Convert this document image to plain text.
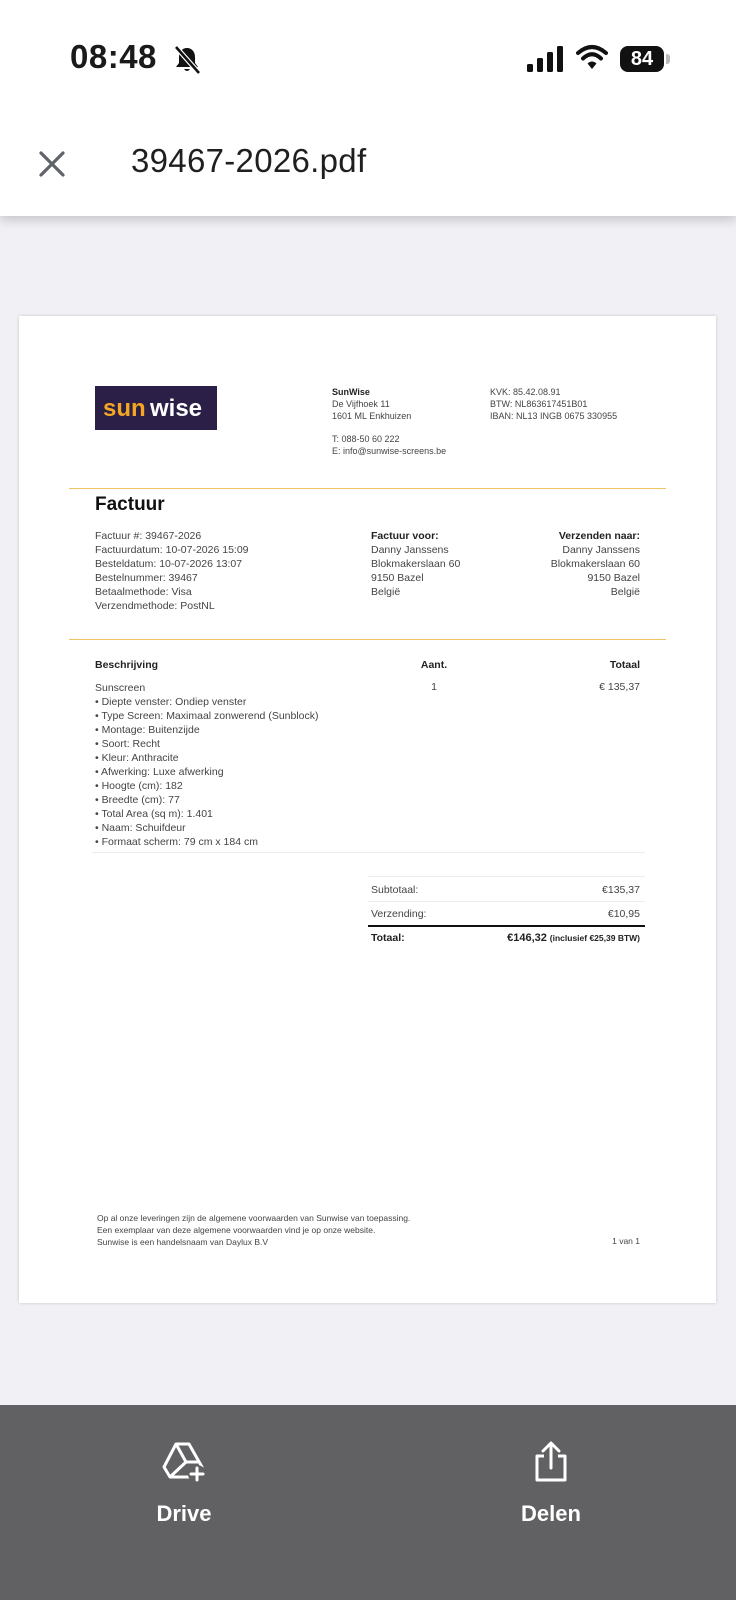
08:48	84
39467-2026.pdf
sun wise
SunWise
De Vijfhoek 11
1601 ML Enkhuizen
T: 088-50 60 222
E: info@sunwise-screens.be
KVK: 85.42.08.91
BTW: NL863617451B01
IBAN: NL13 INGB 0675 330955
Factuur
Factuur #: 39467-2026
Factuurdatum: 10-07-2026 15:09
Besteldatum: 10-07-2026 13:07
Bestelnummer: 39467
Betaalmethode: Visa
Verzendmethode: PostNL
Factuur voor:
Danny Janssens
Blokmakerslaan 60
9150 Bazel
België
Verzenden naar:
Danny Janssens
Blokmakerslaan 60
9150 Bazel
België
Beschrijving	Aant.	Totaal
Sunscreen
• Diepte venster: Ondiep venster
• Type Screen: Maximaal zonwerend (Sunblock)
• Montage: Buitenzijde
• Soort: Recht
• Kleur: Anthracite
• Afwerking: Luxe afwerking
• Hoogte (cm): 182
• Breedte (cm): 77
• Total Area (sq m): 1.401
• Naam: Schuifdeur
• Formaat scherm: 79 cm x 184 cm
1	€ 135,37
Subtotaal:	€135,37
Verzending:	€10,95
Totaal:	€146,32 (inclusief €25,39 BTW)
Op al onze leveringen zijn de algemene voorwaarden van Sunwise van toepassing.
Een exemplaar van deze algemene voorwaarden vind je op onze website.
Sunwise is een handelsnaam van Daylux B.V	1 van 1
Drive	Delen
